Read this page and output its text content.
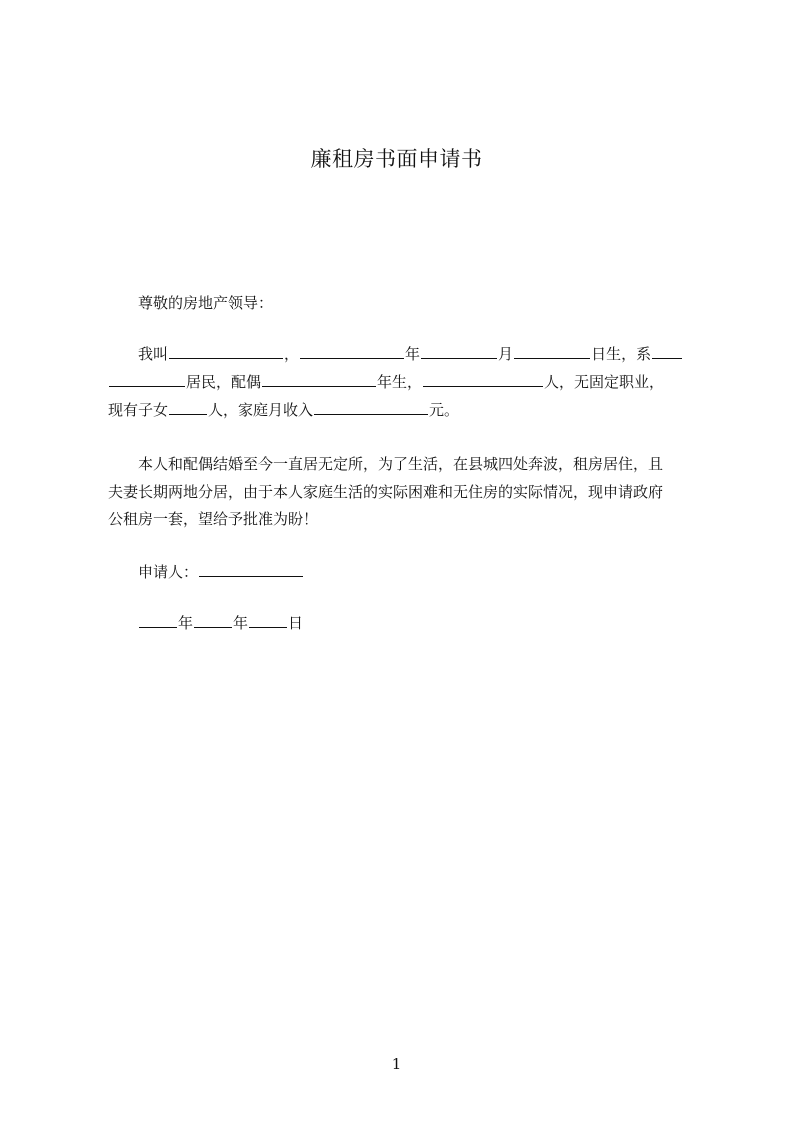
廉租房书面申请书
尊敬的房地产领导：
我叫	，	年	月	日生，系
居民，配偶	年生，	人，无固定职业，
现有子女	人，家庭月收入	元。
本人和配偶结婚至今一直居无定所，为了生活，在县城四处奔波，租房居住，且
夫妻长期两地分居，由于本人家庭生活的实际困难和无住房的实际情况，现申请政府
公租房一套，望给予批准为盼！
申请人：
年	年	日
1
